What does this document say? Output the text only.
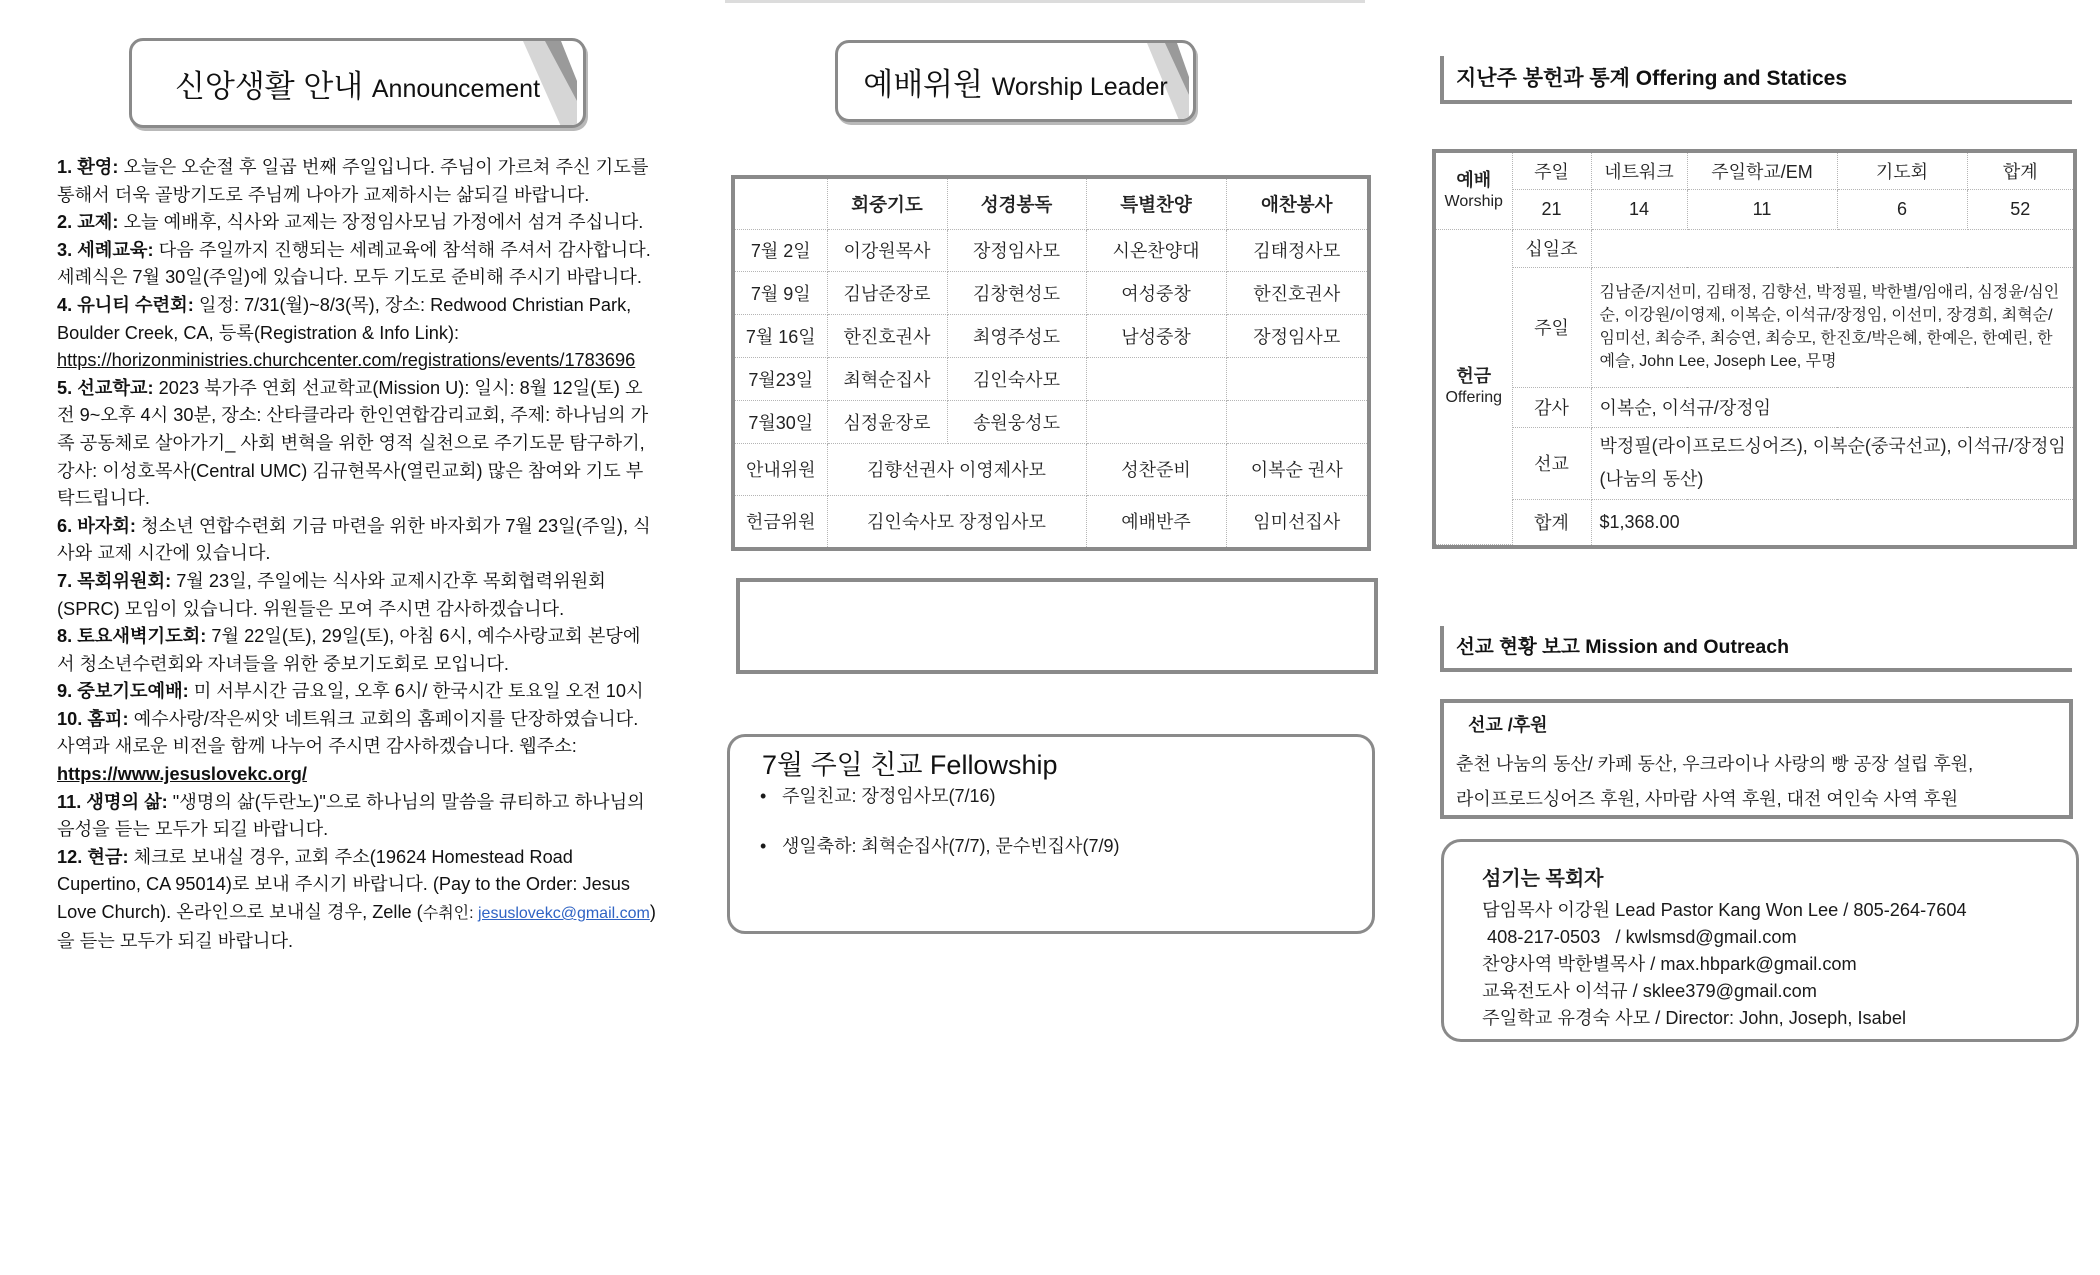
신앙생활 안내 Announcement

1. 환영: 오늘은 오순절 후 일곱 번째 주일입니다. 주님이 가르쳐 주신 기도를 통해서 더욱 골방기도로 주님께 나아가 교제하시는 삶되길 바랍니다.

2. 교제: 오늘 예배후, 식사와 교제는 장정임사모님 가정에서 섬겨 주십니다.

3. 세례교육: 다음 주일까지 진행되는 세례교육에 참석해 주셔서 감사합니다. 세례식은 7월 30일(주일)에 있습니다. 모두 기도로 준비해 주시기 바랍니다.

4. 유니티 수련회: 일정: 7/31(월)~8/3(목), 장소: Redwood Christian Park, Boulder Creek, CA, 등록(Registration & Info Link): https://horizonministries.churchcenter.com/registrations/events/1783696

5. 선교학교: 2023 북가주 연회 선교학교(Mission U): 일시: 8월 12일(토) 오전 9~오후 4시 30분, 장소: 산타클라라 한인연합감리교회, 주제: 하나님의 가족 공동체로 살아가기_ 사회 변혁을 위한 영적 실천으로 주기도문 탐구하기, 강사: 이성호목사(Central UMC) 김규현목사(열린교회) 많은 참여와 기도 부탁드립니다.

6. 바자회: 청소년 연합수련회 기금 마련을 위한 바자회가 7월 23일(주일), 식사와 교제 시간에 있습니다.

7. 목회위원회: 7월 23일, 주일에는 식사와 교제시간후 목회협력위원회(SPRC) 모임이 있습니다. 위원들은 모여 주시면 감사하겠습니다.

8. 토요새벽기도회: 7월 22일(토), 29일(토), 아침 6시, 예수사랑교회 본당에서 청소년수련회와 자녀들을 위한 중보기도회로 모입니다.

9. 중보기도예배: 미 서부시간 금요일, 오후 6시/ 한국시간 토요일 오전 10시

10. 홈피: 예수사랑/작은씨앗 네트워크 교회의 홈페이지를 단장하였습니다. 사역과 새로운 비전을 함께 나누어 주시면 감사하겠습니다. 웹주소: https://www.jesuslovekc.org/

11. 생명의 삶: "생명의 삶(두란노)"으로 하나님의 말씀을 큐티하고 하나님의 음성을 듣는 모두가 되길 바랍니다.

12. 현금: 체크로 보내실 경우, 교회 주소(19624 Homestead Road Cupertino, CA 95014)로 보내 주시기 바랍니다. (Pay to the Order: Jesus Love Church). 온라인으로 보내실 경우, Zelle (수취인: jesuslovekc@gmail.com)
을 듣는 모두가 되길 바랍니다.

예배위원 Worship Leader
	회중기도	성경봉독	특별찬양	애찬봉사
7월 2일	이강원목사	장정임사모	시온찬양대	김태정사모
7월 9일	김남준장로	김창현성도	여성중창	한진호권사
7월 16일	한진호권사	최영주성도	남성중창	장정임사모
7월23일	최혁순집사	김인숙사모		
7월30일	심정윤장로	송원웅성도		
안내위원	김향선권사 이영제사모		성찬준비	이복순 권사
헌금위원	김인숙사모 장정임사모		예배반주	임미선집사
7월 주일 친교 Fellowship
• 주일친교: 장정임사모(7/16)
• 생일축하: 최혁순집사(7/7), 문수빈집사(7/9)
지난주 봉헌과 통계 Offering and Statices
예배
Worship	주일	네트워크	주일학교/EM	기도회	합계
	21	14	11	6	52
헌금
Offering	십일조				
	주일	김남준/지선미, 김태정, 김향선, 박정필, 박한별/임애리, 심정윤/심인순, 이강원/이영제, 이복순, 이석규/장정임, 이선미, 장경희, 최혁순/임미선, 최승주, 최승연, 최승모, 한진호/박은혜, 한예은, 한예린, 한예슬, John Lee, Joseph Lee, 무명			
	감사	이복순, 이석규/장정임			
	선교	박정필(라이프로드싱어즈), 이복순(중국선교), 이석규/장정임(나눔의 동산)			
	합계	$1,368.00			
선교 현황 보고 Mission and Outreach
선교 /후원

춘천 나눔의 동산/ 카페 동산, 우크라이나 사랑의 빵 공장 설립 후원,

라이프로드싱어즈 후원, 사마람 사역 후원, 대전 여인숙 사역 후원

섬기는 목회자

담임목사 이강원 Lead Pastor Kang Won Lee / 805-264-7604

408-217-0503   / kwlsmsd@gmail.com

찬양사역 박한별목사 / max.hbpark@gmail.com

교육전도사 이석규 / sklee379@gmail.com

주일학교 유경숙 사모 / Director: John, Joseph, Isabel
